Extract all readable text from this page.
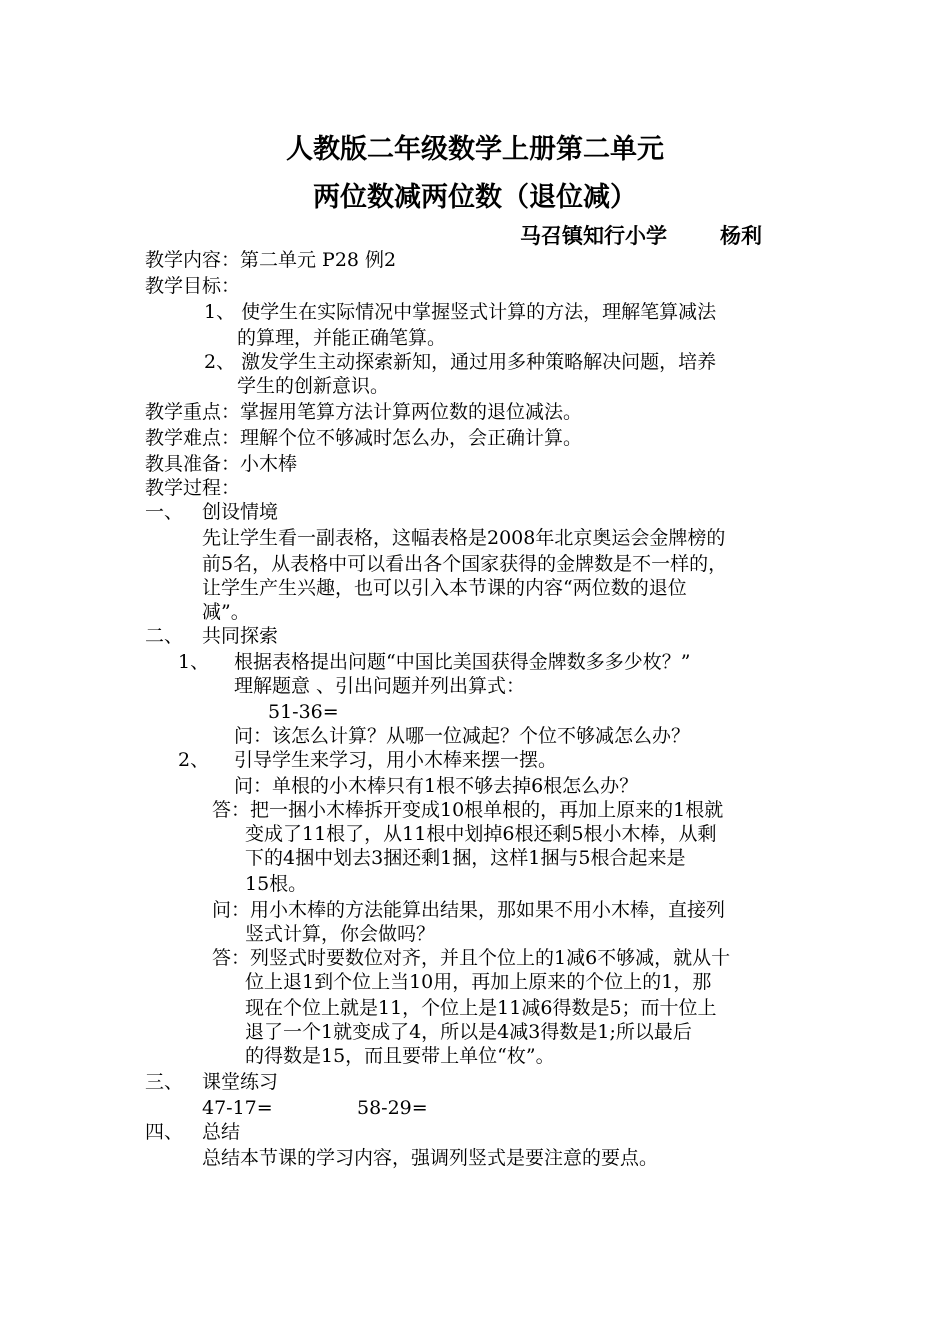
人教版二年级数学上册第二单元
两位数减两位数（退位减）
马召镇知行小学	杨利
教学内容：第二单元 P28 例2
教学目标：
1、 使学生在实际情况中掌握竖式计算的方法，理解笔算减法
的算理，并能正确笔算。
2、 激发学生主动探索新知，通过用多种策略解决问题，培养
学生的创新意识。
教学重点：掌握用笔算方法计算两位数的退位减法。
教学难点：理解个位不够减时怎么办，会正确计算。
教具准备：小木棒
教学过程：
一、 创设情境
先让学生看一副表格，这幅表格是2008年北京奥运会金牌榜的
前5名，从表格中可以看出各个国家获得的金牌数是不一样的，
让学生产生兴趣，也可以引入本节课的内容“两位数的退位
减”。
二、 共同探索
1、 根据表格提出问题“中国比美国获得金牌数多多少枚？”
理解题意 、引出问题并列出算式：
51-36=
问：该怎么计算？从哪一位减起？个位不够减怎么办？
2、 引导学生来学习，用小木棒来摆一摆。
问：单根的小木棒只有1根不够去掉6根怎么办？
答：把一捆小木棒拆开变成10根单根的，再加上原来的1根就
变成了11根了，从11根中划掉6根还剩5根小木棒，从剩
下的4捆中划去3捆还剩1捆，这样1捆与5根合起来是
15根。
问：用小木棒的方法能算出结果，那如果不用小木棒，直接列
竖式计算，你会做吗？
答：列竖式时要数位对齐，并且个位上的1减6不够减，就从十
位上退1到个位上当10用，再加上原来的个位上的1，那
现在个位上就是11，个位上是11减6得数是5；而十位上
退了一个1就变成了4，所以是4减3得数是1;所以最后
的得数是15，而且要带上单位“枚”。
三、 课堂练习
47-17=	58-29=
四、 总结
总结本节课的学习内容，强调列竖式是要注意的要点。
